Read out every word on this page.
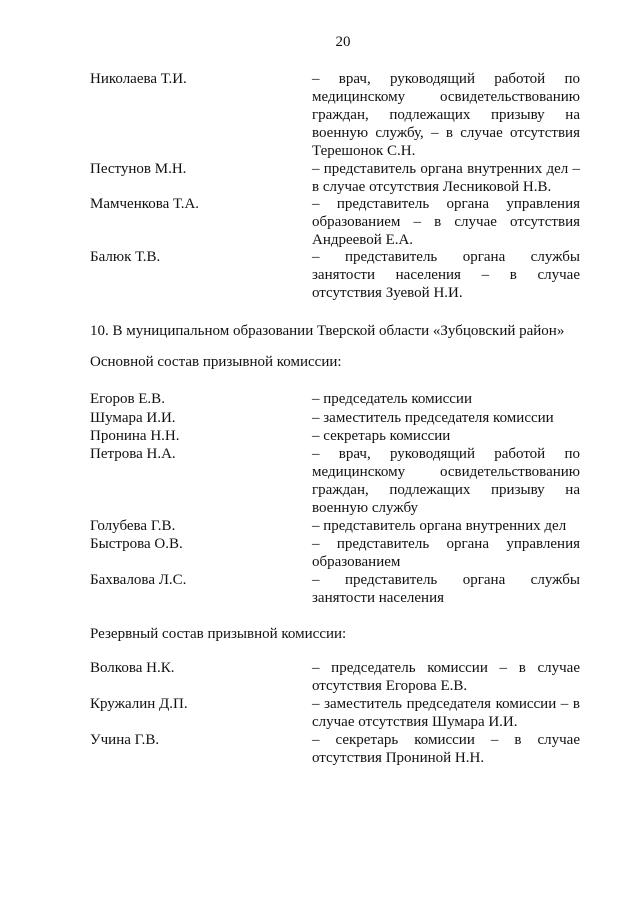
20
Николаева Т.И.	– врач, руководящий работой по медицинскому освидетельствованию граждан, подлежащих призыву на военную службу, – в случае отсутствия Терешонок С.Н.
Пестунов М.Н.	– представитель органа внутренних дел – в случае отсутствия Лесниковой Н.В.
Мамченкова Т.А.	– представитель органа управления образованием – в случае отсутствия Андреевой Е.А.
Балюк Т.В.	– представитель органа службы занятости населения – в случае отсутствия Зуевой Н.И.
10. В муниципальном образовании Тверской области «Зубцовский район»
Основной состав призывной комиссии:
Егоров Е.В.	– председатель комиссии
Шумара И.И.	– заместитель председателя комиссии
Пронина Н.Н.	– секретарь комиссии
Петрова Н.А.	– врач, руководящий работой по медицинскому освидетельствованию граждан, подлежащих призыву на военную службу
Голубева Г.В.	– представитель органа внутренних дел
Быстрова О.В.	– представитель органа управления образованием
Бахвалова Л.С.	– представитель органа службы занятости населения
Резервный состав призывной комиссии:
Волкова Н.К.	– председатель комиссии – в случае отсутствия Егорова Е.В.
Кружалин Д.П.	– заместитель председателя комиссии – в случае отсутствия Шумара И.И.
Учина Г.В.	– секретарь комиссии – в случае отсутствия Прониной Н.Н.
